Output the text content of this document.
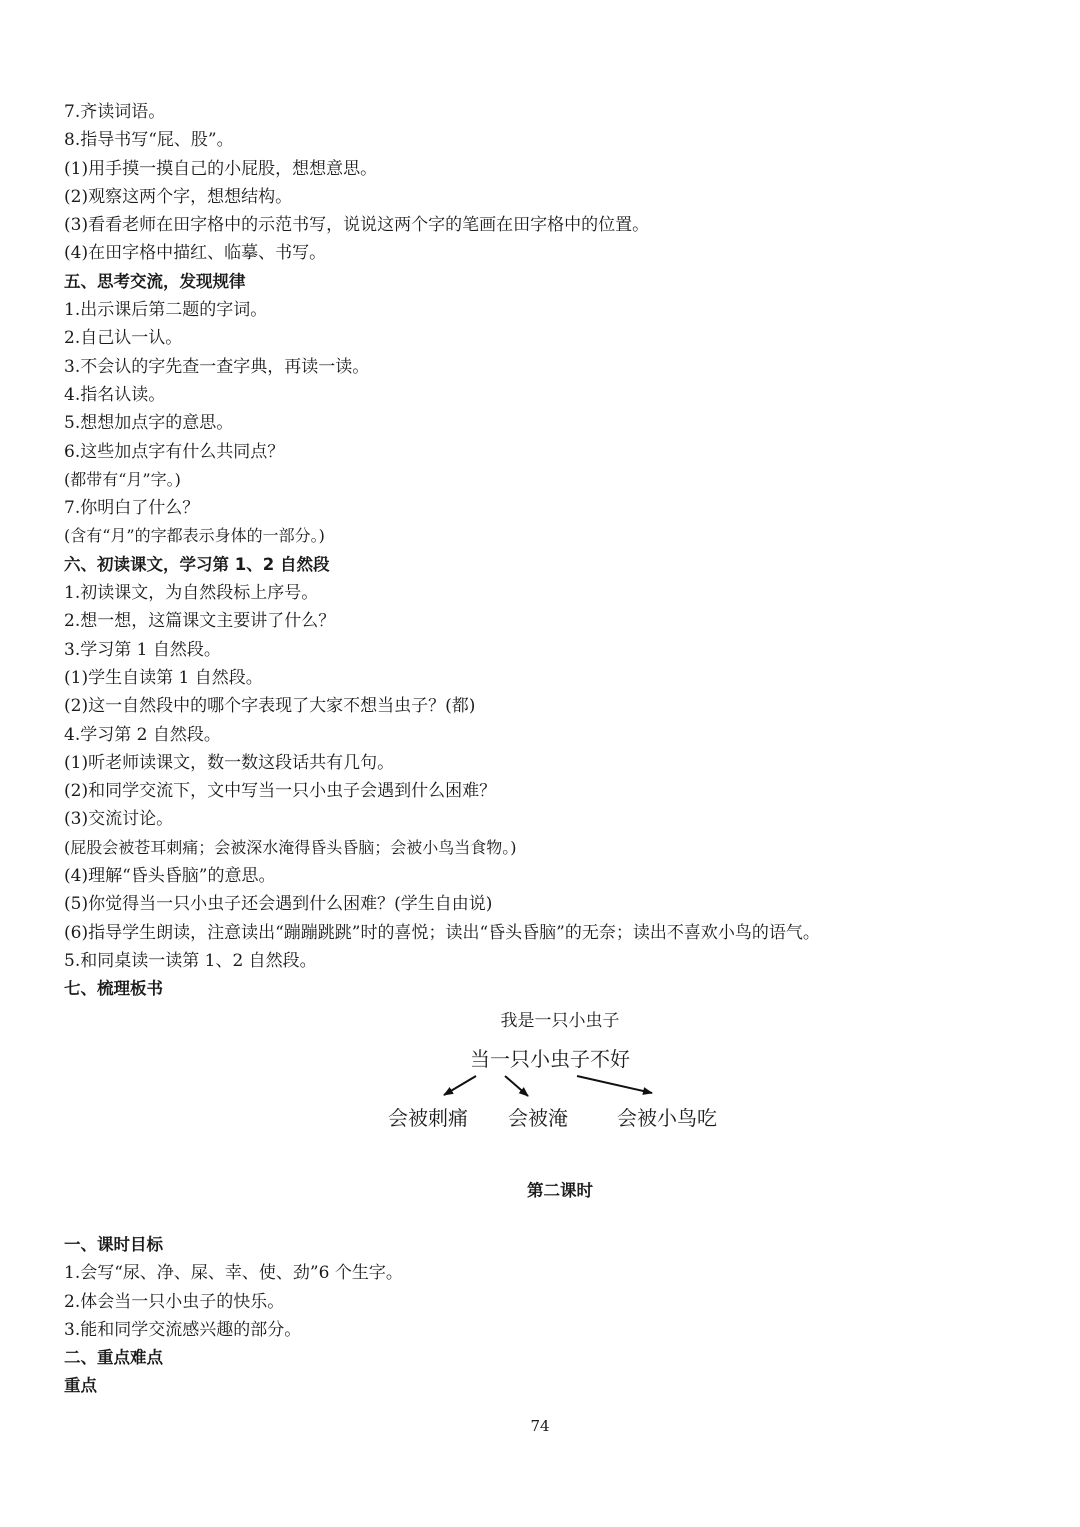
7.齐读词语。
8.指导书写“屁、股”。
(1)用手摸一摸自己的小屁股，想想意思。
(2)观察这两个字，想想结构。
(3)看看老师在田字格中的示范书写，说说这两个字的笔画在田字格中的位置。
(4)在田字格中描红、临摹、书写。
五、思考交流，发现规律
1.出示课后第二题的字词。
2.自己认一认。
3.不会认的字先查一查字典，再读一读。
4.指名认读。
5.想想加点字的意思。
6.这些加点字有什么共同点？
(都带有“月”字。)
7.你明白了什么？
(含有“月”的字都表示身体的一部分。)
六、初读课文，学习第 1、2 自然段
1.初读课文，为自然段标上序号。
2.想一想，这篇课文主要讲了什么？
3.学习第 1 自然段。
(1)学生自读第 1 自然段。
(2)这一自然段中的哪个字表现了大家不想当虫子？(都)
4.学习第 2 自然段。
(1)听老师读课文，数一数这段话共有几句。
(2)和同学交流下，文中写当一只小虫子会遇到什么困难？
(3)交流讨论。
(屁股会被苍耳刺痛；会被深水淹得昏头昏脑；会被小鸟当食物。)
(4)理解“昏头昏脑”的意思。
(5)你觉得当一只小虫子还会遇到什么困难？(学生自由说)
(6)指导学生朗读，注意读出“蹦蹦跳跳”时的喜悦；读出“昏头昏脑”的无奈；读出不喜欢小鸟的语气。
5.和同桌读一读第 1、2 自然段。
七、梳理板书
我是一只小虫子
当一只小虫子不好
会被刺痛 会被淹 会被小鸟吃
第二课时
一、课时目标
1.会写“尿、净、屎、幸、使、劲”6 个生字。
2.体会当一只小虫子的快乐。
3.能和同学交流感兴趣的部分。
二、重点难点
重点
74
